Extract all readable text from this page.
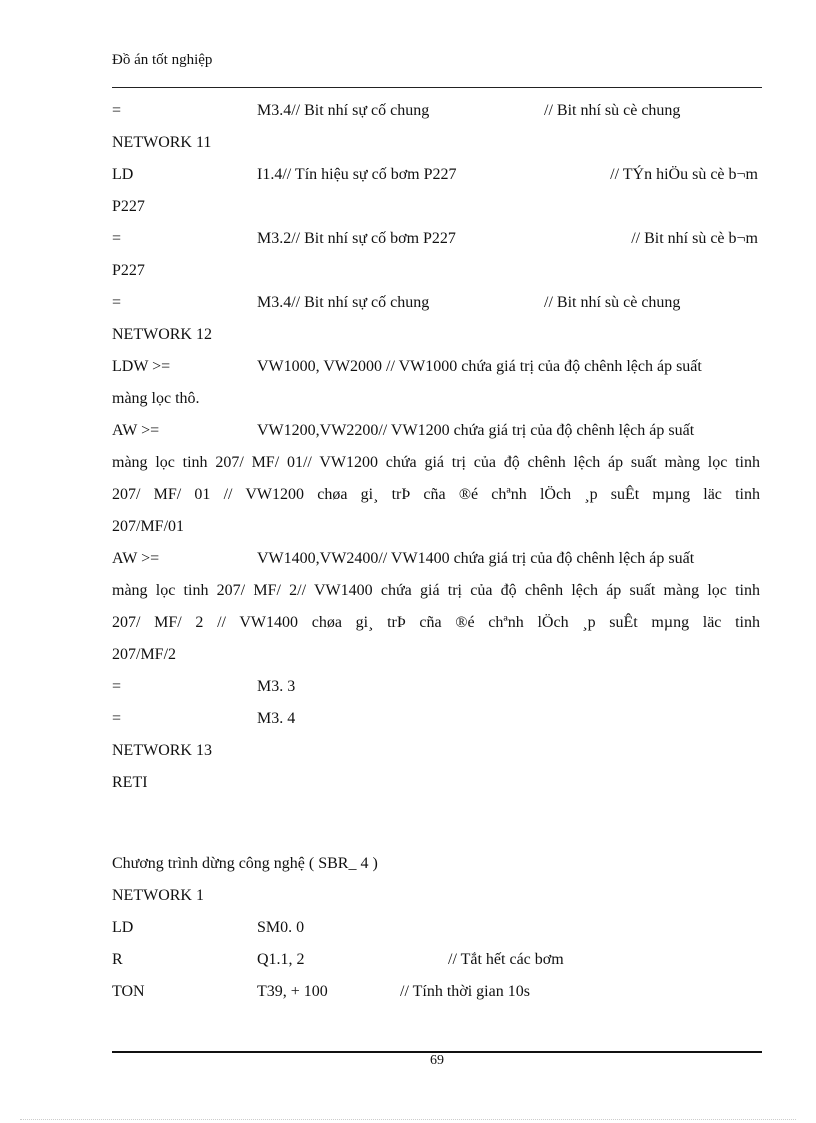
Đồ án tốt nghiệp
=	M3.4// Bit nhí sự cố chung	// Bit nhí sù cè chung
NETWORK 11
LD	I1.4// Tín hiệu sự cố bơm P227	// TÝn hiÖu sù cè b¬m
P227
=	M3.2// Bit nhí sự cố bơm P227	// Bit nhí sù cè b¬m
P227
=	M3.4// Bit nhí sự cố chung	// Bit nhí sù cè chung
NETWORK 12
LDW >=	VW1000, VW2000 // VW1000 chứa giá trị của độ chênh lệch áp suất
màng lọc thô.
AW >=	VW1200,VW2200// VW1200 chứa giá trị của độ chênh lệch áp suất
màng lọc tinh 207/ MF/ 01// VW1200 chứa giá trị của độ chênh lệch áp suất màng lọc tinh
207/ MF/ 01 // VW1200 chøa gi¸ trÞ cña ®é chªnh lÖch ¸p suÊt mµng läc tinh
207/MF/01
AW >=	VW1400,VW2400// VW1400 chứa giá trị của độ chênh lệch áp suất
màng lọc tinh 207/ MF/ 2// VW1400 chứa giá trị của độ chênh lệch áp suất màng lọc tinh
207/ MF/ 2 // VW1400 chøa gi¸ trÞ cña ®é chªnh lÖch ¸p suÊt mµng läc tinh
207/MF/2
=	M3. 3
=	M3. 4
NETWORK 13
RETI
Chương trình dừng công nghệ ( SBR_ 4 )
NETWORK 1
LD	SM0. 0
R	Q1.1, 2	// Tắt hết các bơm
TON	T39, + 100	// Tính thời gian 10s
69
